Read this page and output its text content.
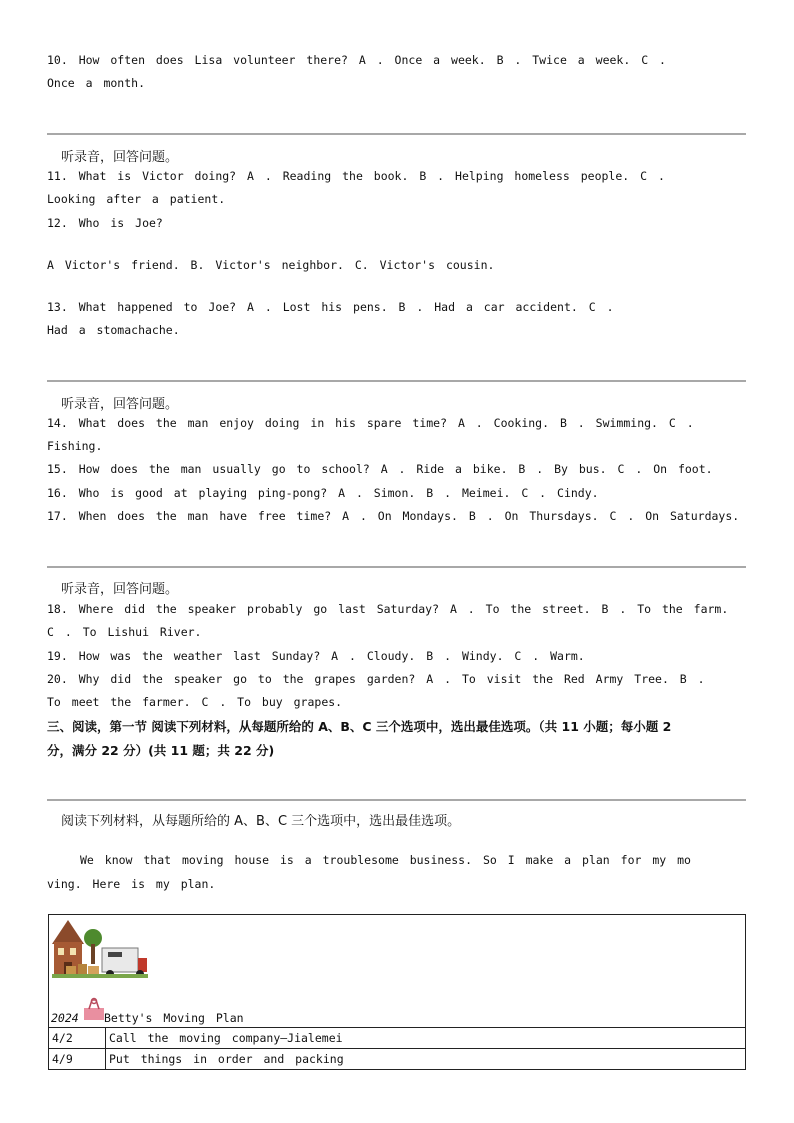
10. How often does Lisa volunteer there? A . Once a week. B . Twice a week. C .
Once a month.
听录音，回答问题。
11. What is Victor doing? A . Reading the book. B . Helping homeless people. C .
Looking after a patient.
12. Who is Joe?
A Victor's friend. B. Victor's neighbor. C. Victor's cousin.
13. What happened to Joe? A . Lost his pens. B . Had a car accident. C .
Had a stomachache.
听录音，回答问题。
14. What does the man enjoy doing in his spare time? A . Cooking. B . Swimming. C .
Fishing.
15. How does the man usually go to school? A . Ride a bike. B . By bus. C . On foot.
16. Who is good at playing ping-pong? A . Simon. B . Meimei. C . Cindy.
17. When does the man have free time? A . On Mondays. B . On Thursdays. C . On Saturdays.
听录音，回答问题。
18. Where did the speaker probably go last Saturday? A . To the street. B . To the farm.
C . To Lishui River.
19. How was the weather last Sunday? A . Cloudy. B . Windy. C . Warm.
20. Why did the speaker go to the grapes garden? A . To visit the Red Army Tree. B .
To meet the farmer. C . To buy grapes.
三、阅读，第一节 阅读下列材料，从每题所给的 A、B、C 三个选项中，选出最佳选项。（共 11 小题；每小题 2
分，满分 22 分）(共 11 题；共 22 分)
阅读下列材料，从每题所给的 A、B、C 三个选项中，选出最佳选项。
We know that moving house is a troublesome business. So I make a plan for my mo
ving. Here is my plan.
2024 Betty's Moving Plan	

4/2	Call the moving company—Jialemei
4/9	Put things in order and packing
